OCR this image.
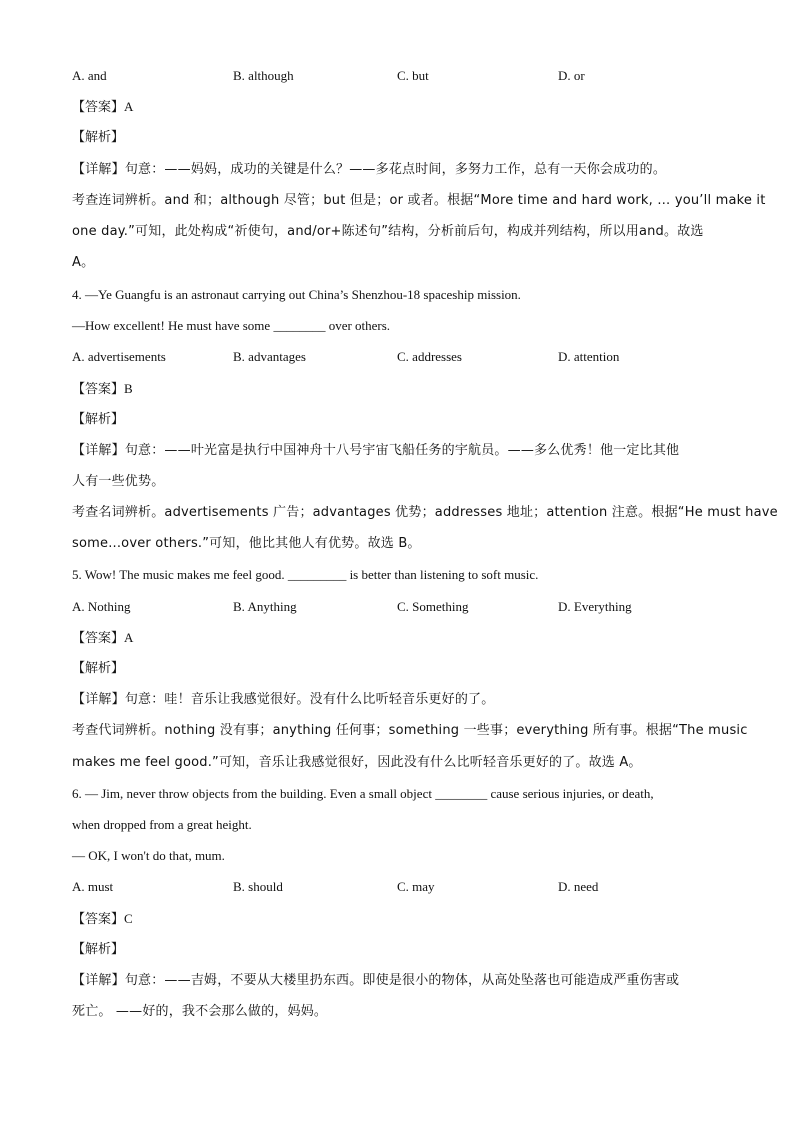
A. and	B. although	C. but	D. or
【答案】A
【解析】
【详解】句意：——妈妈，成功的关键是什么？——多花点时间，多努力工作，总有一天你会成功的。
考查连词辨析。and 和；although 尽管；but 但是；or 或者。根据“More time and hard work, … you’ll make it
one day.”可知，此处构成“祈使句，and/or+陈述句”结构，分析前后句，构成并列结构，所以用and。故选
A。
4. —Ye Guangfu is an astronaut carrying out China’s Shenzhou-18 spaceship mission.
—How excellent! He must have some ________ over others.
A. advertisements	B. advantages	C. addresses	D. attention
【答案】B
【解析】
【详解】句意：——叶光富是执行中国神舟十八号宇宙飞船任务的宇航员。——多么优秀！他一定比其他
人有一些优势。
考查名词辨析。advertisements 广告；advantages 优势；addresses 地址；attention 注意。根据“He must have
some...over others.”可知，他比其他人有优势。故选 B。
5. Wow! The music makes me feel good. _________ is better than listening to soft music.
A. Nothing	B. Anything	C. Something	D. Everything
【答案】A
【解析】
【详解】句意：哇！音乐让我感觉很好。没有什么比听轻音乐更好的了。
考查代词辨析。nothing 没有事；anything 任何事；something 一些事；everything 所有事。根据“The music
makes me feel good.”可知，音乐让我感觉很好，因此没有什么比听轻音乐更好的了。故选 A。
6. — Jim, never throw objects from the building. Even a small object ________ cause serious injuries, or death,
when dropped from a great height.
— OK, I won't do that, mum.
A. must	B. should	C. may	D. need
【答案】C
【解析】
【详解】句意：——吉姆，不要从大楼里扔东西。即使是很小的物体，从高处坠落也可能造成严重伤害或
死亡。 ——好的，我不会那么做的，妈妈。
